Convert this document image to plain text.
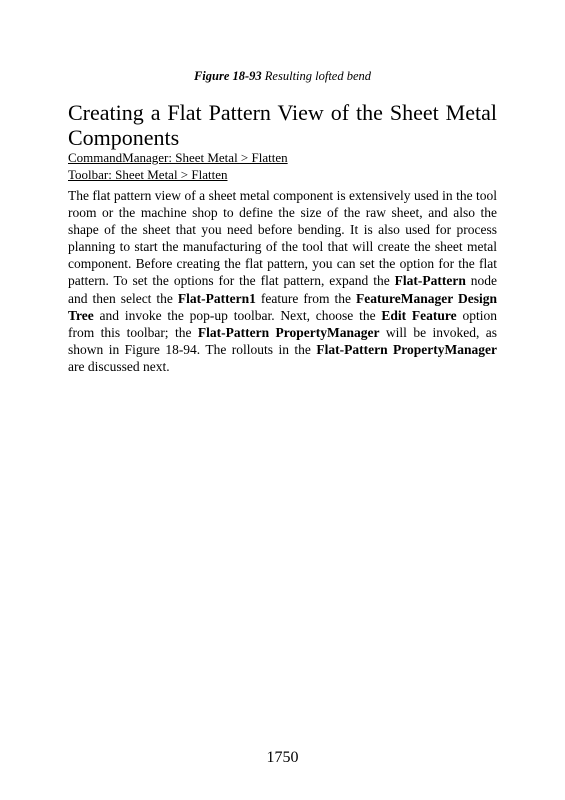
Figure 18-93 Resulting lofted bend
Creating a Flat Pattern View of the Sheet Metal Components
CommandManager: Sheet Metal > Flatten
Toolbar: Sheet Metal > Flatten

The flat pattern view of a sheet metal component is extensively used in the tool room or the machine shop to define the size of the raw sheet, and also the shape of the sheet that you need before bending. It is also used for process planning to start the manufacturing of the tool that will create the sheet metal component. Before creating the flat pattern, you can set the option for the flat pattern. To set the options for the flat pattern, expand the Flat-Pattern node and then select the Flat-Pattern1 feature from the FeatureManager Design Tree and invoke the pop-up toolbar. Next, choose the Edit Feature option from this toolbar; the Flat-Pattern PropertyManager will be invoked, as shown in Figure 18-94. The rollouts in the Flat-Pattern PropertyManager are discussed next.

1750
